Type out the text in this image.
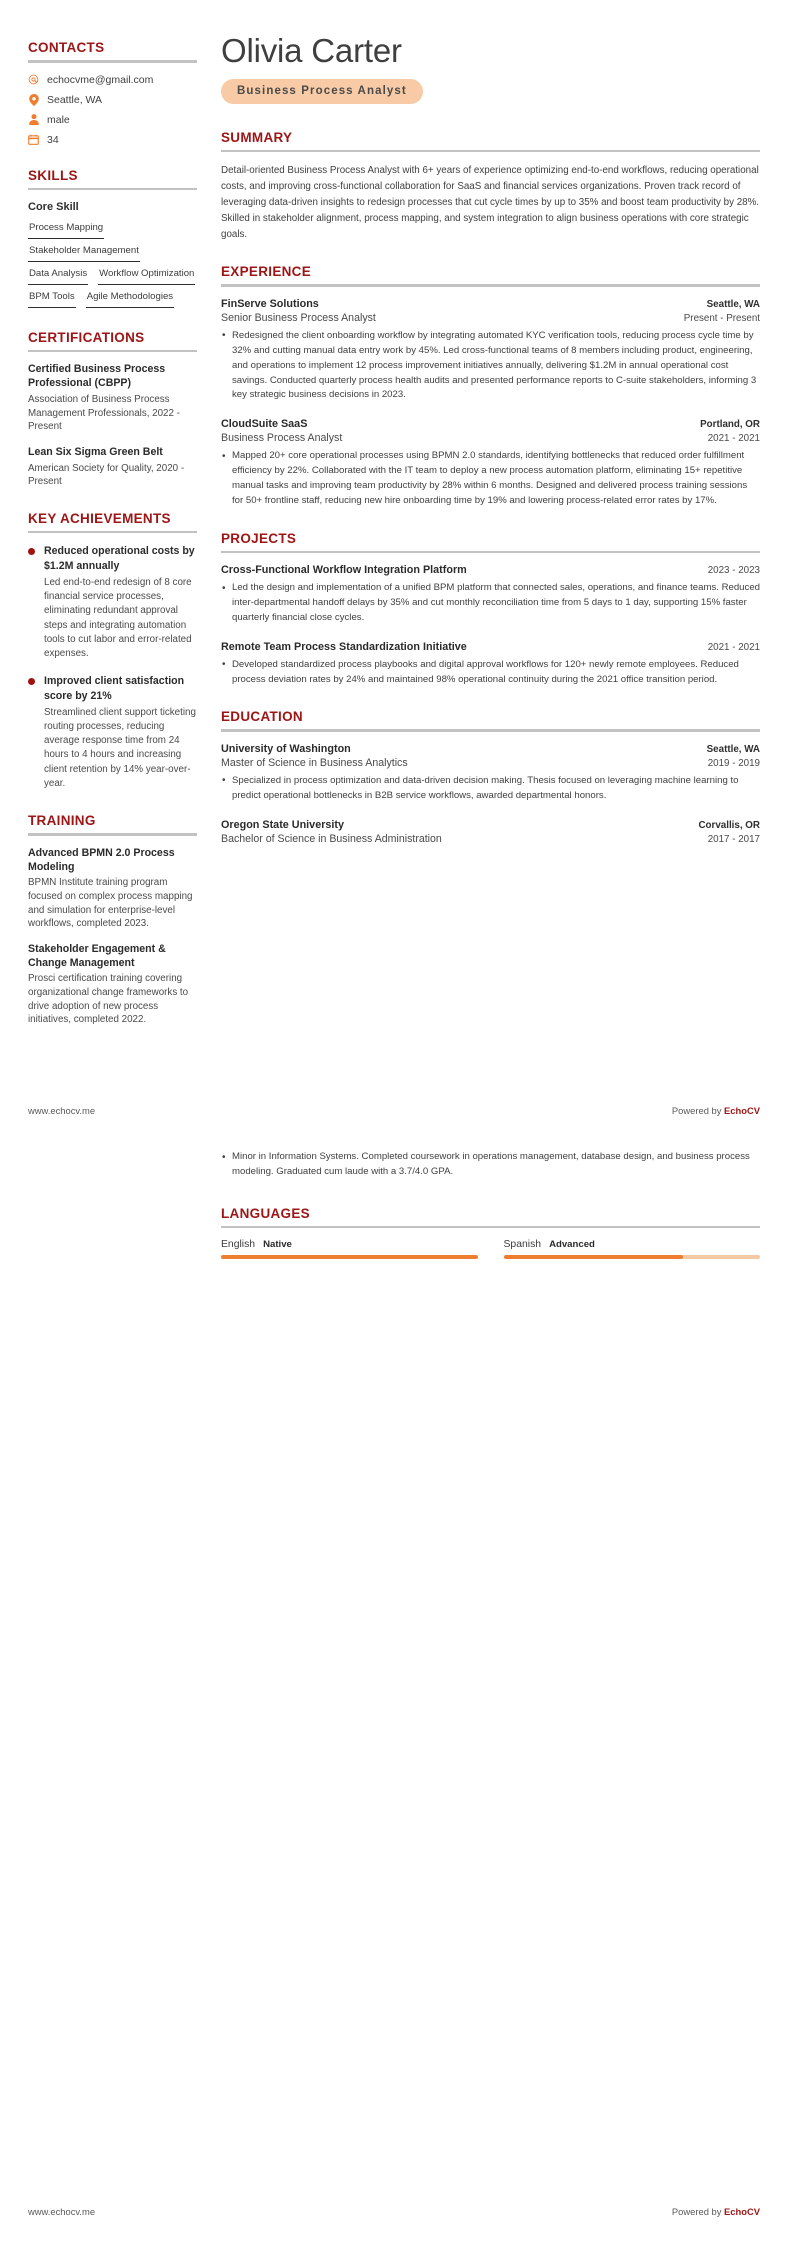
CONTACTS
echocvme@gmail.com
Seattle, WA
male
34
SKILLS
Core Skill
Process Mapping
Stakeholder Management
Data Analysis Workflow Optimization
BPM Tools Agile Methodologies
CERTIFICATIONS
Certified Business Process Professional (CBPP)
Association of Business Process Management Professionals, 2022 - Present
Lean Six Sigma Green Belt
American Society for Quality, 2020 - Present
KEY ACHIEVEMENTS
Reduced operational costs by $1.2M annually
Led end-to-end redesign of 8 core financial service processes, eliminating redundant approval steps and integrating automation tools to cut labor and error-related expenses.
Improved client satisfaction score by 21%
Streamlined client support ticketing routing processes, reducing average response time from 24 hours to 4 hours and increasing client retention by 14% year-over-year.
TRAINING
Advanced BPMN 2.0 Process Modeling
BPMN Institute training program focused on complex process mapping and simulation for enterprise-level workflows, completed 2023.
Stakeholder Engagement & Change Management
Prosci certification training covering organizational change frameworks to drive adoption of new process initiatives, completed 2022.
Olivia Carter
Business Process Analyst
SUMMARY
Detail-oriented Business Process Analyst with 6+ years of experience optimizing end-to-end workflows, reducing operational costs, and improving cross-functional collaboration for SaaS and financial services organizations. Proven track record of leveraging data-driven insights to redesign processes that cut cycle times by up to 35% and boost team productivity by 28%. Skilled in stakeholder alignment, process mapping, and system integration to align business operations with core strategic goals.
EXPERIENCE
FinServe Solutions	Seattle, WA
Senior Business Process Analyst	Present - Present
• Redesigned the client onboarding workflow by integrating automated KYC verification tools, reducing process cycle time by 32% and cutting manual data entry work by 45%. Led cross-functional teams of 8 members including product, engineering, and operations to implement 12 process improvement initiatives annually, delivering $1.2M in annual operational cost savings. Conducted quarterly process health audits and presented performance reports to C-suite stakeholders, informing 3 key strategic business decisions in 2023.
CloudSuite SaaS	Portland, OR
Business Process Analyst	2021 - 2021
• Mapped 20+ core operational processes using BPMN 2.0 standards, identifying bottlenecks that reduced order fulfillment efficiency by 22%. Collaborated with the IT team to deploy a new process automation platform, eliminating 15+ repetitive manual tasks and improving team productivity by 28% within 6 months. Designed and delivered process training sessions for 50+ frontline staff, reducing new hire onboarding time by 19% and lowering process-related error rates by 17%.
PROJECTS
Cross-Functional Workflow Integration Platform	2023 - 2023
• Led the design and implementation of a unified BPM platform that connected sales, operations, and finance teams. Reduced inter-departmental handoff delays by 35% and cut monthly reconciliation time from 5 days to 1 day, supporting 15% faster quarterly financial close cycles.
Remote Team Process Standardization Initiative	2021 - 2021
• Developed standardized process playbooks and digital approval workflows for 120+ newly remote employees. Reduced process deviation rates by 24% and maintained 98% operational continuity during the 2021 office transition period.
EDUCATION
University of Washington	Seattle, WA
Master of Science in Business Analytics	2019 - 2019
• Specialized in process optimization and data-driven decision making. Thesis focused on leveraging machine learning to predict operational bottlenecks in B2B service workflows, awarded departmental honors.
Oregon State University	Corvallis, OR
Bachelor of Science in Business Administration	2017 - 2017
www.echocv.me	Powered by EchoCV
• Minor in Information Systems. Completed coursework in operations management, database design, and business process modeling. Graduated cum laude with a 3.7/4.0 GPA.
LANGUAGES
English Native	Spanish Advanced
www.echocv.me	Powered by EchoCV
